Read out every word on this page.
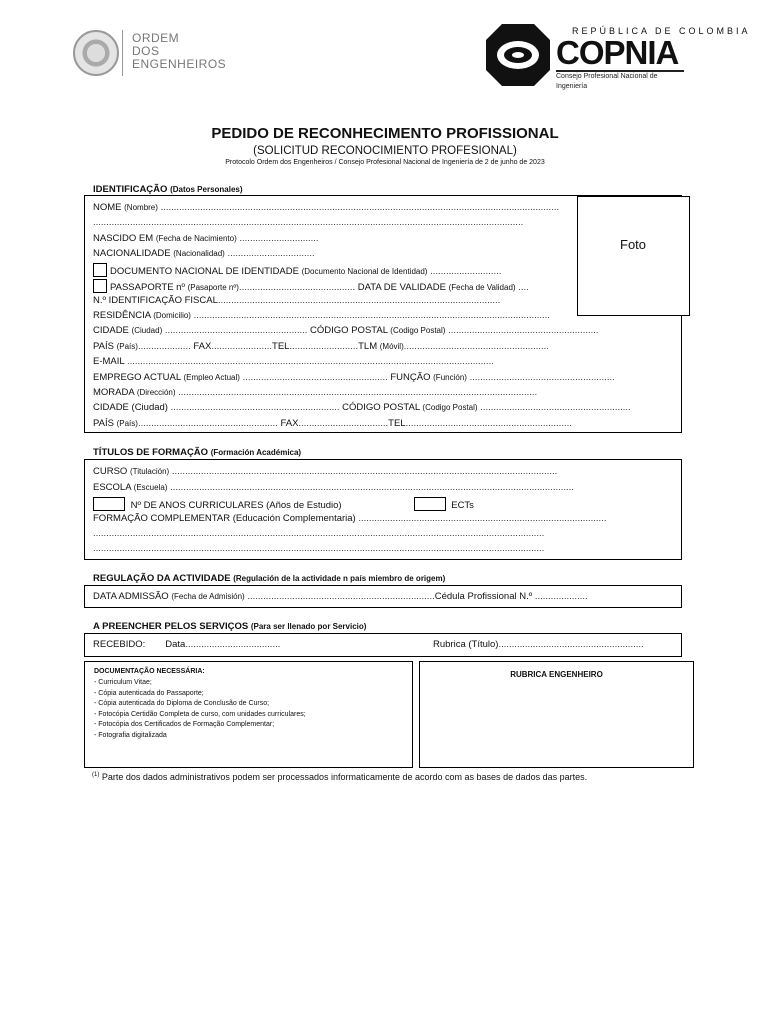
ORDEM
DOS
ENGENHEIROS
REPÚBLICA DE COLOMBIA
COPNIA
Consejo Profesional Nacional de Ingeniería
PEDIDO DE RECONHECIMENTO PROFISSIONAL
(SOLICITUD RECONOCIMIENTO PROFESIONAL)
Protocolo Ordem dos Engenheiros / Consejo Profesional Nacional de Ingeniería de 2 de junho de 2023
IDENTIFICAÇÃO (Datos Personales)
NOME (Nombre) .......................................................................................................................................................
...................................................................................................................................................................
NASCIDO EM (Fecha de Nacimiento) ..............................
NACIONALIDADE (Nacionalidad) .................................
DOCUMENTO NACIONAL DE IDENTIDADE (Documento Nacional de Identidad) ...........................
PASSAPORTE nº (Pasaporte nº)............................................ DATA DE VALIDADE (Fecha de Validad) ....
N.º IDENTIFICAÇÃO FISCAL...........................................................................................................
RESIDÊNCIA (Domicilio) .......................................................................................................................................
CIDADE (Ciudad) ...................................................... CÓDIGO POSTAL (Codigo Postal) .........................................................
PAÍS (País).................... FAX.......................TEL..........................TLM (Móvil).......................................................
E-MAIL ...........................................................................................................................................
EMPREGO ACTUAL (Empleo Actual) ....................................................... FUNÇÃO (Función) .......................................................
MORADA (Dirección) ........................................................................................................................................
CIDADE (Ciudad) ................................................................ CÓDIGO POSTAL (Codigo Postal) .........................................................
PAÍS (País)..................................................... FAX..................................TEL...............................................................
Foto
TÍTULOS DE FORMAÇÃO (Formación Académica)
CURSO (Titulación) ..................................................................................................................................................
ESCOLA (Escuela) .........................................................................................................................................................
Nº DE ANOS CURRICULARES (Años de Estudio)	ECTs
FORMAÇÃO COMPLEMENTAR (Educación Complementaria) ..............................................................................................
...........................................................................................................................................................................
...........................................................................................................................................................................
REGULAÇÃO DA ACTIVIDADE (Regulación de la actividade n país miembro de origem)
DATA ADMISSÃO (Fecha de Admisión) .......................................................................Cédula Profissional N.º ....................
A PREENCHER PELOS SERVIÇOS (Para ser llenado por Servicio)
RECEBIDO: Data....................................	Rubrica (Título).......................................................
DOCUMENTAÇÃO NECESSÁRIA:
- Curriculum Vitae;
- Cópia autenticada do Passaporte;
- Cópia autenticada do Diploma de Conclusão de Curso;
- Fotocópia Certidão Completa de curso, com unidades curriculares;
- Fotocópia dos Certificados de Formação Complementar;
- Fotografia digitalizada
RUBRICA ENGENHEIRO
$^{(1)}$ Parte dos dados administrativos podem ser processados informaticamente de acordo com as bases de dados das partes.
